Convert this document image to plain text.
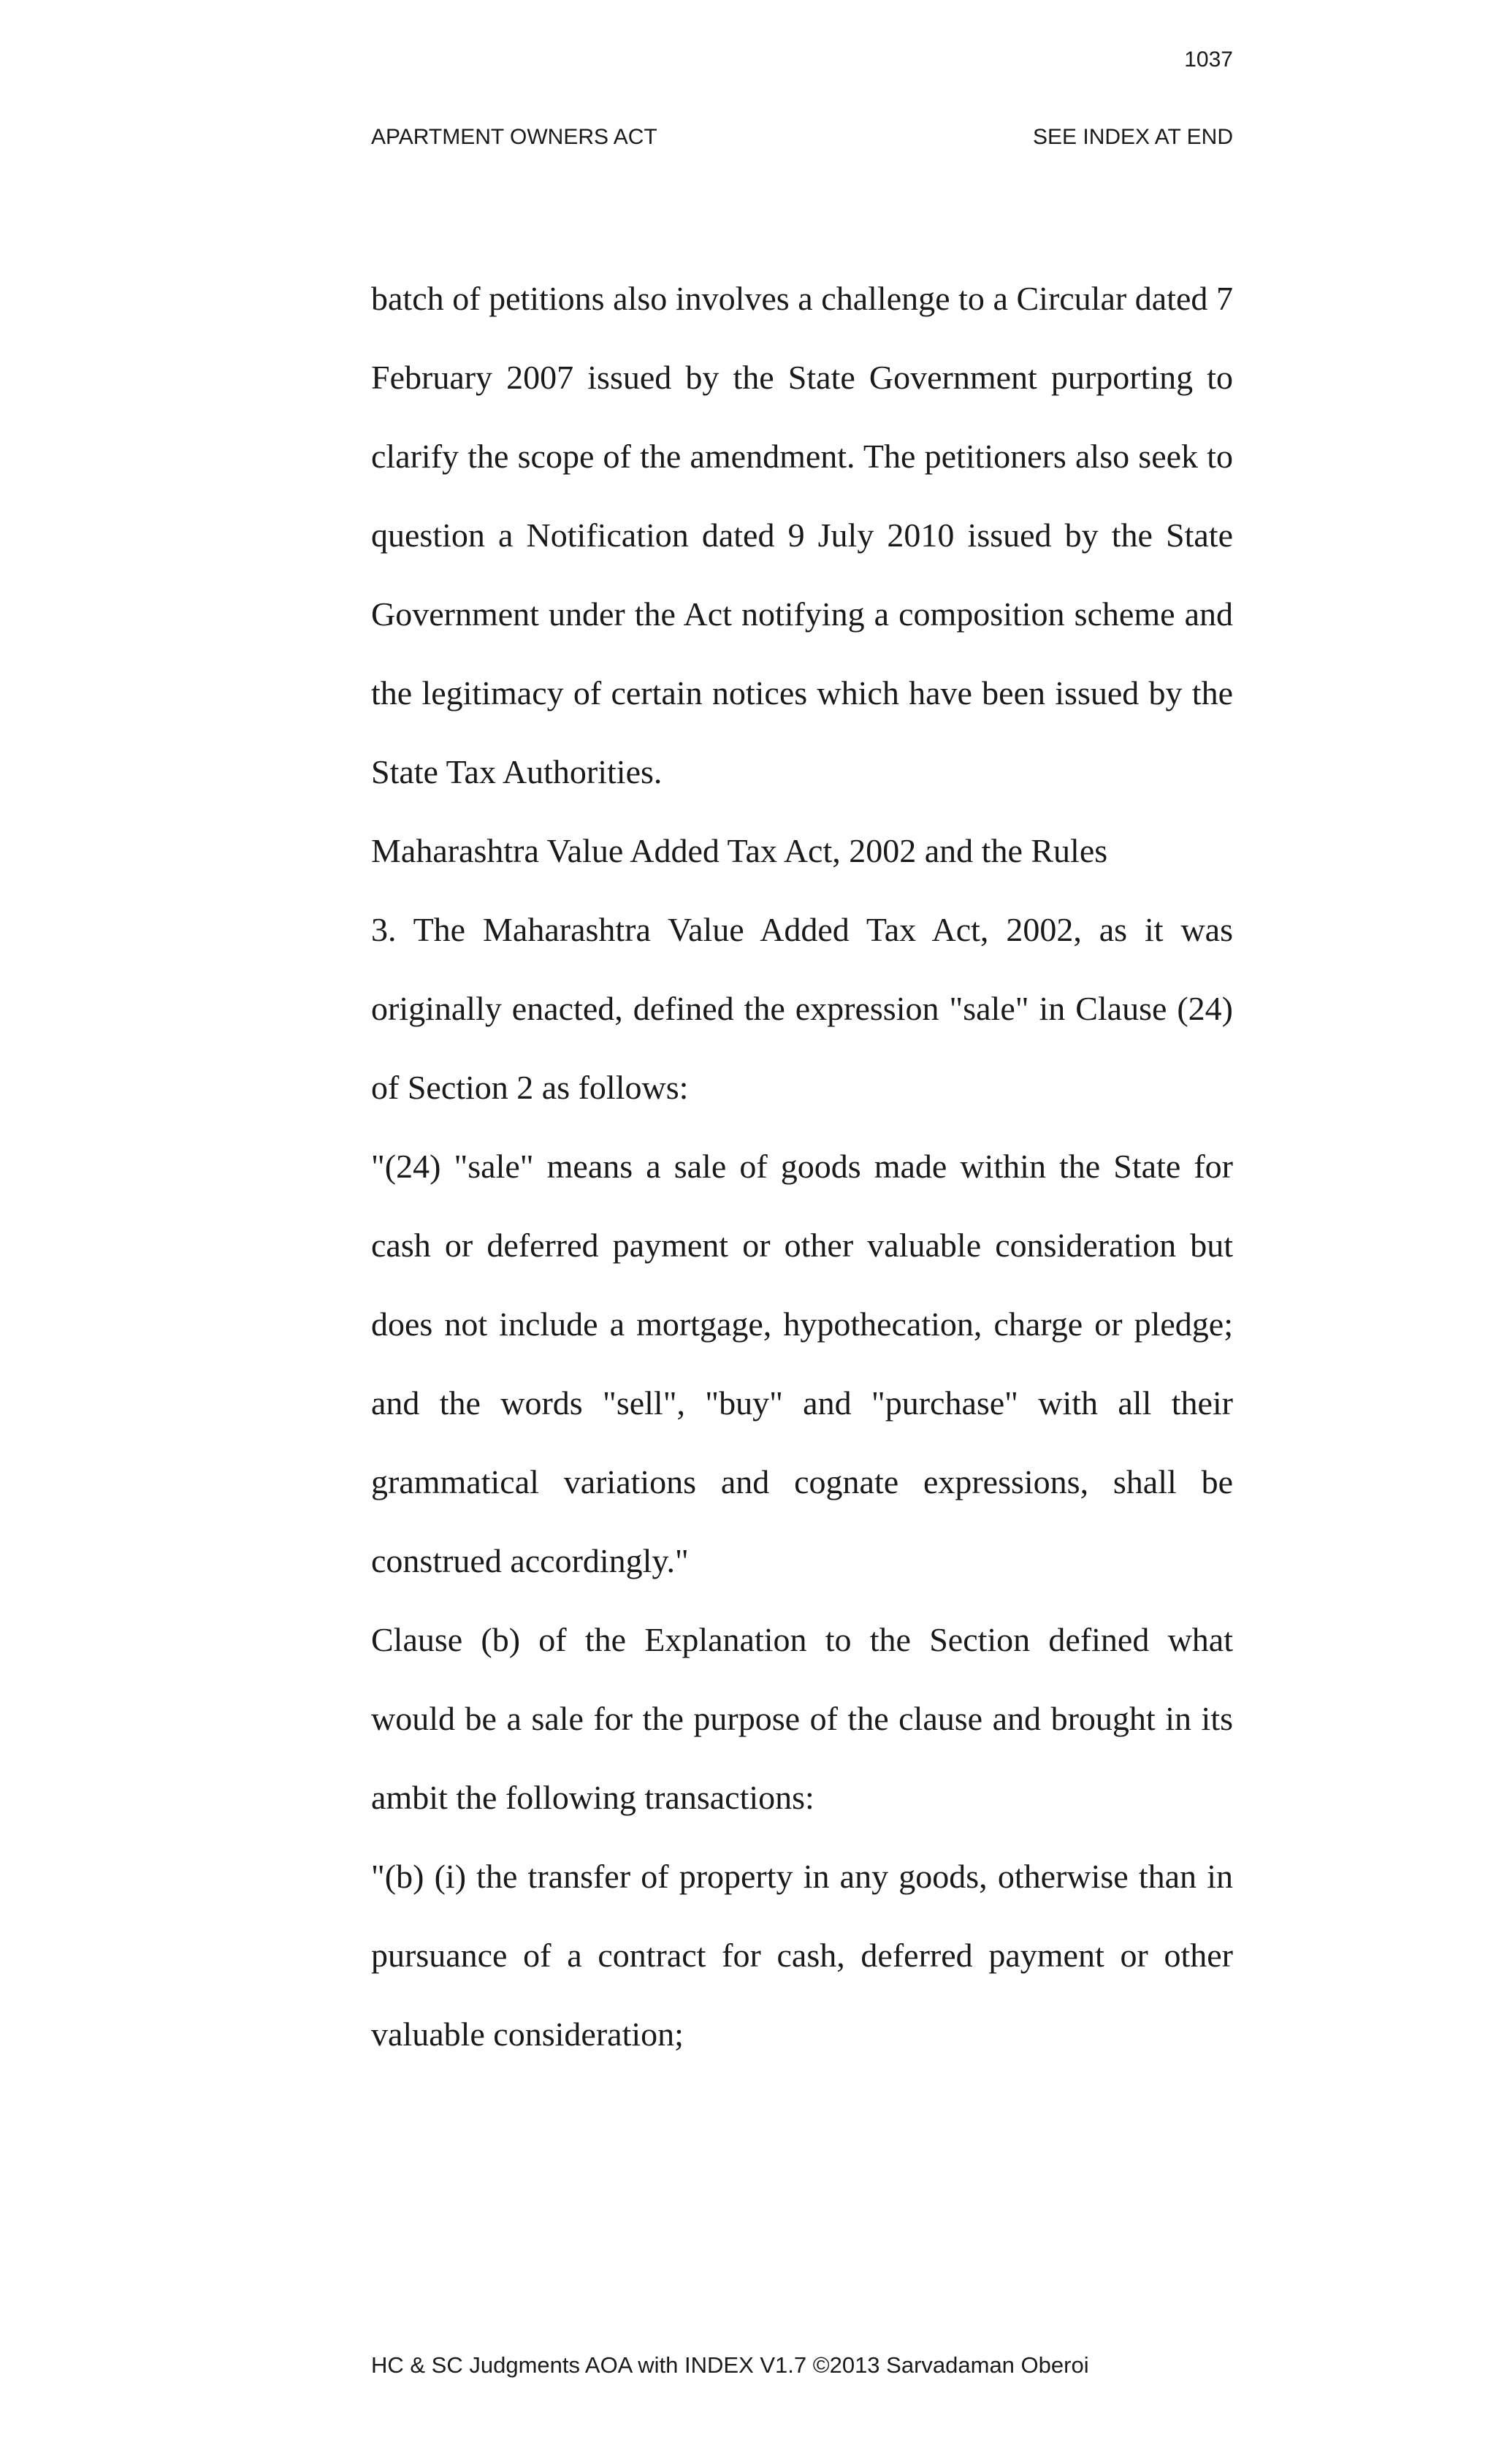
1037
APARTMENT OWNERS ACT	SEE INDEX AT END

batch of petitions also involves a challenge to a Circular dated 7 February 2007 issued by the State Government purporting to clarify the scope of the amendment. The petitioners also seek to question a Notification dated 9 July 2010 issued by the State Government under the Act notifying a composition scheme and the legitimacy of certain notices which have been issued by the State Tax Authorities.

Maharashtra Value Added Tax Act, 2002 and the Rules

3. The Maharashtra Value Added Tax Act, 2002, as it was originally enacted, defined the expression "sale" in Clause (24) of Section 2 as follows:

"(24) "sale" means a sale of goods made within the State for cash or deferred payment or other valuable consideration but does not include a mortgage, hypothecation, charge or pledge; and the words "sell", "buy" and "purchase" with all their grammatical variations and cognate expressions, shall be construed accordingly."

Clause (b) of the Explanation to the Section defined what would be a sale for the purpose of the clause and brought in its ambit the following transactions:

"(b) (i) the transfer of property in any goods, otherwise than in pursuance of a contract for cash, deferred payment or other valuable consideration;

HC & SC Judgments AOA with INDEX V1.7 ©2013 Sarvadaman Oberoi
